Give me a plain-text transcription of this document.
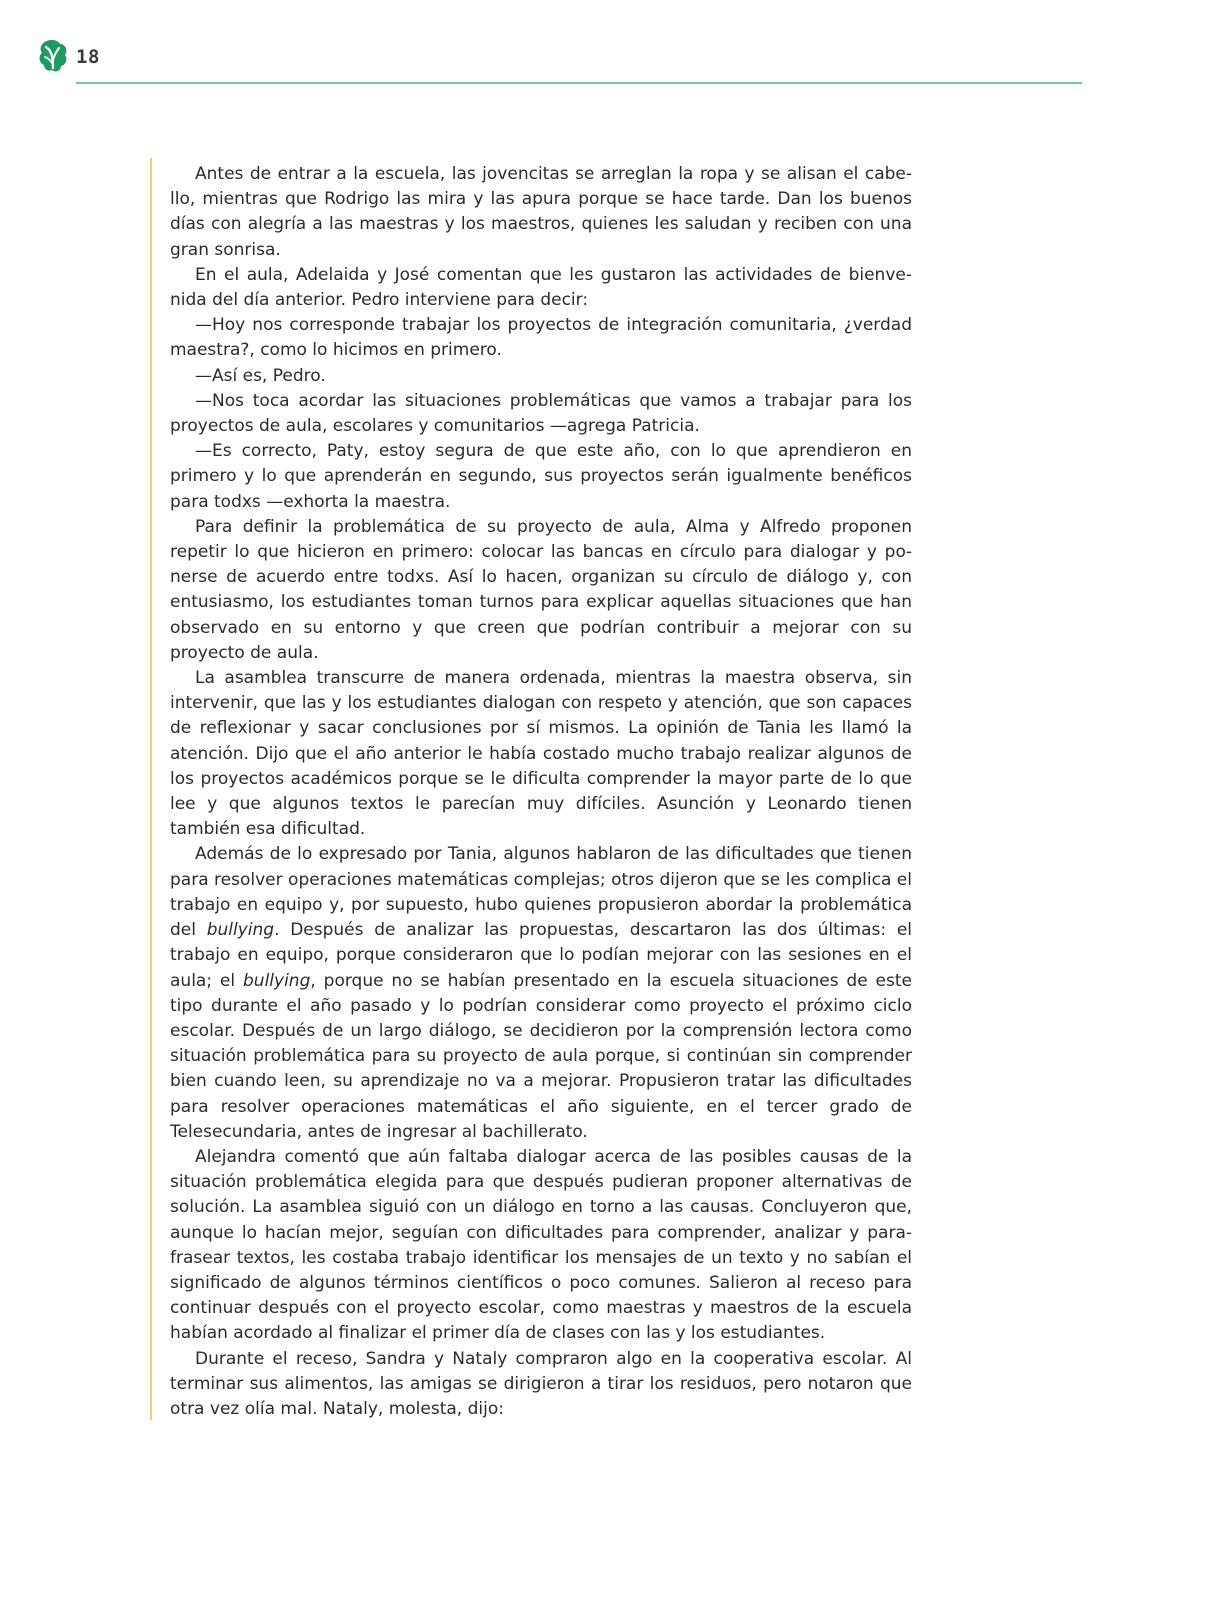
18

Antes de entrar a la escuela, las jovencitas se arreglan la ropa y se alisan el cabello, mientras que Rodrigo las mira y las apura porque se hace tarde. Dan los buenos días con alegría a las maestras y los maestros, quienes les saludan y reciben con una gran sonrisa.

En el aula, Adelaida y José comentan que les gustaron las actividades de bienvenida del día anterior. Pedro interviene para decir:

—Hoy nos corresponde trabajar los proyectos de integración comunitaria, ¿verdad maestra?, como lo hicimos en primero.

—Así es, Pedro.

—Nos toca acordar las situaciones problemáticas que vamos a trabajar para los proyectos de aula, escolares y comunitarios —agrega Patricia.

—Es correcto, Paty, estoy segura de que este año, con lo que aprendieron en primero y lo que aprenderán en segundo, sus proyectos serán igualmente benéficos para todxs —exhorta la maestra.

Para definir la problemática de su proyecto de aula, Alma y Alfredo proponen repetir lo que hicieron en primero: colocar las bancas en círculo para dialogar y ponerse de acuerdo entre todxs. Así lo hacen, organizan su círculo de diálogo y, con entusiasmo, los estudiantes toman turnos para explicar aquellas situaciones que han observado en su entorno y que creen que podrían contribuir a mejorar con su proyecto de aula.

La asamblea transcurre de manera ordenada, mientras la maestra observa, sin intervenir, que las y los estudiantes dialogan con respeto y atención, que son capaces de reflexionar y sacar conclusiones por sí mismos. La opinión de Tania les llamó la atención. Dijo que el año anterior le había costado mucho trabajo realizar algunos de los proyectos académicos porque se le dificulta comprender la mayor parte de lo que lee y que algunos textos le parecían muy difíciles. Asunción y Leonardo tienen también esa dificultad.

Además de lo expresado por Tania, algunos hablaron de las dificultades que tienen para resolver operaciones matemáticas complejas; otros dijeron que se les complica el trabajo en equipo y, por supuesto, hubo quienes propusieron abordar la problemática del bullying. Después de analizar las propuestas, descartaron las dos últimas: el trabajo en equipo, porque consideraron que lo podían mejorar con las sesiones en el aula; el bullying, porque no se habían presentado en la escuela situaciones de este tipo durante el año pasado y lo podrían considerar como proyecto el próximo ciclo escolar. Después de un largo diálogo, se decidieron por la comprensión lectora como situación problemática para su proyecto de aula porque, si continúan sin comprender bien cuando leen, su aprendizaje no va a mejorar. Propusieron tratar las dificultades para resolver operaciones matemáticas el año siguiente, en el tercer grado de Telesecundaria, antes de ingresar al bachillerato.

Alejandra comentó que aún faltaba dialogar acerca de las posibles causas de la situación problemática elegida para que después pudieran proponer alternativas de solución. La asamblea siguió con un diálogo en torno a las causas. Concluyeron que, aunque lo hacían mejor, seguían con dificultades para comprender, analizar y parafrasear textos, les costaba trabajo identificar los mensajes de un texto y no sabían el significado de algunos términos científicos o poco comunes. Salieron al receso para continuar después con el proyecto escolar, como maestras y maestros de la escuela habían acordado al finalizar el primer día de clases con las y los estudiantes.

Durante el receso, Sandra y Nataly compraron algo en la cooperativa escolar. Al terminar sus alimentos, las amigas se dirigieron a tirar los residuos, pero notaron que otra vez olía mal. Nataly, molesta, dijo:
